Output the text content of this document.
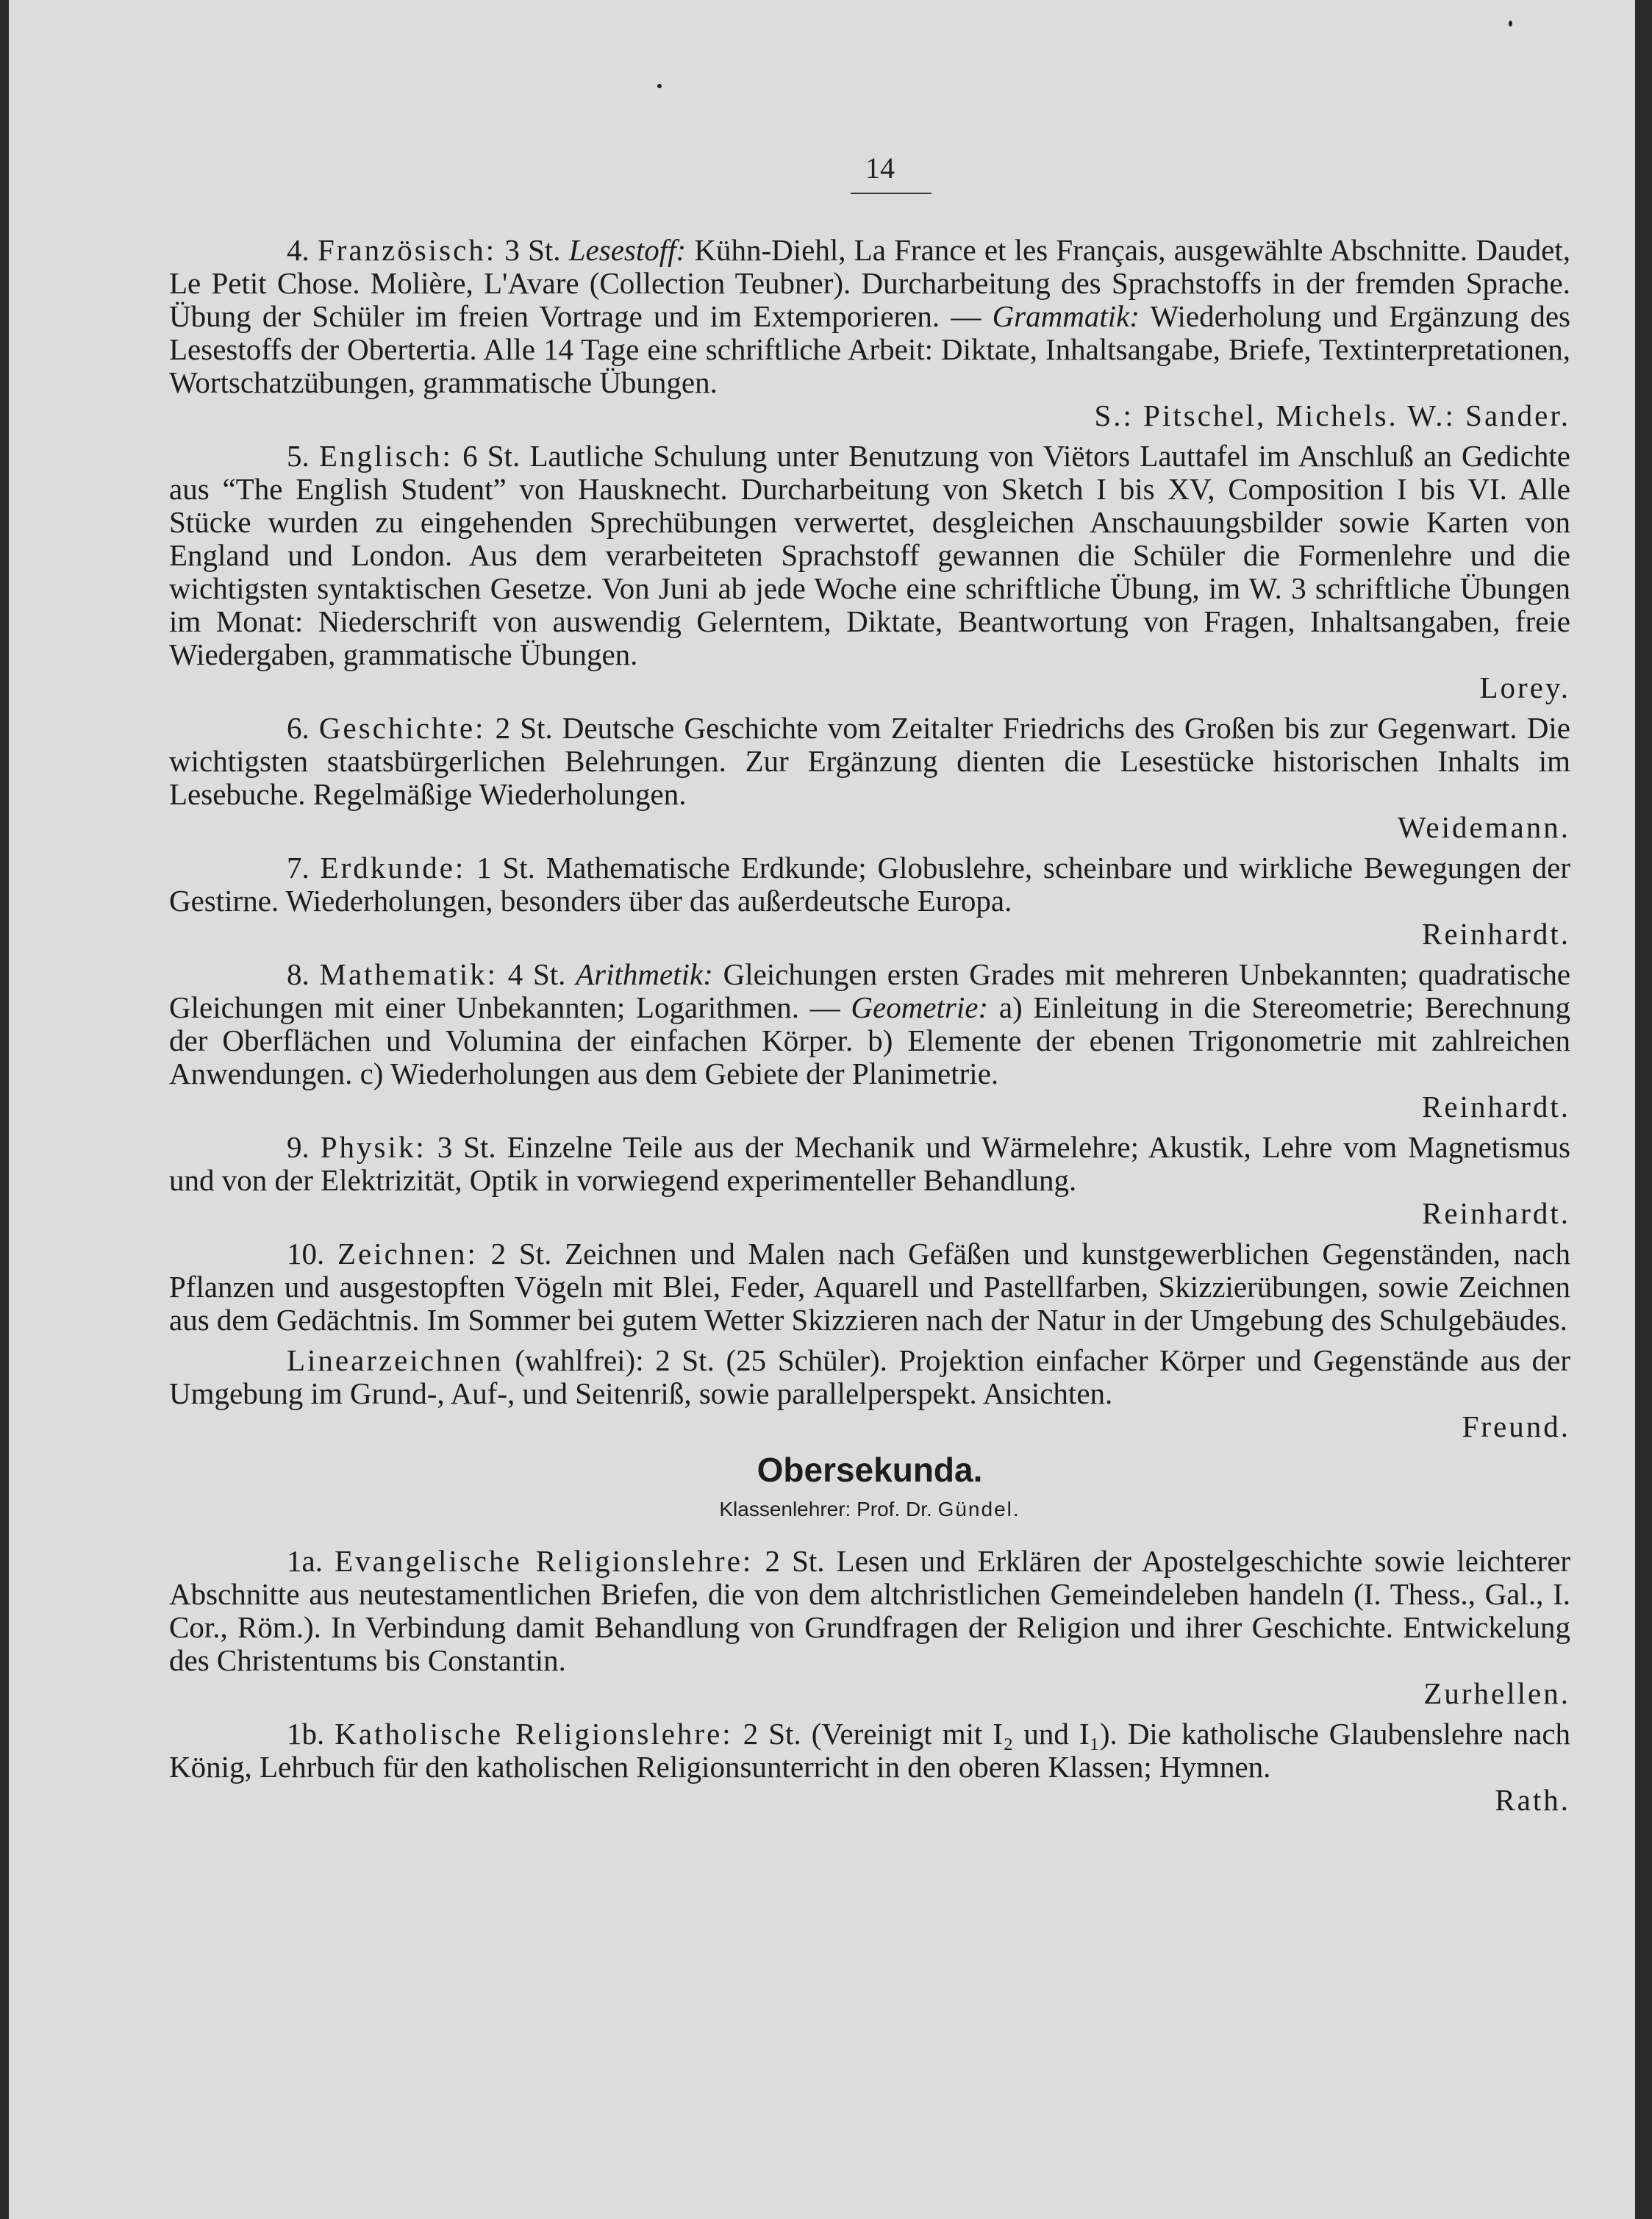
14

4. Französisch: 3 St. Lesestoff: Kühn-Diehl, La France et les Français, ausgewählte Abschnitte. Daudet, Le Petit Chose. Molière, L'Avare (Collection Teubner). Durcharbeitung des Sprachstoffs in der fremden Sprache. Übung der Schüler im freien Vortrage und im Extemporieren. — Grammatik: Wiederholung und Ergänzung des Lesestoffs der Obertertia. Alle 14 Tage eine schriftliche Arbeit: Diktate, Inhaltsangabe, Briefe, Textinterpretationen, Wortschatzübungen, grammatische Übungen.

S.: Pitschel, Michels. W.: Sander.

5. Englisch: 6 St. Lautliche Schulung unter Benutzung von Viëtors Lauttafel im Anschluß an Gedichte aus “The English Student” von Hausknecht. Durcharbeitung von Sketch I bis XV, Composition I bis VI. Alle Stücke wurden zu eingehenden Sprechübungen verwertet, desgleichen Anschauungsbilder sowie Karten von England und London. Aus dem verarbeiteten Sprachstoff gewannen die Schüler die Formenlehre und die wichtigsten syntaktischen Gesetze. Von Juni ab jede Woche eine schriftliche Übung, im W. 3 schriftliche Übungen im Monat: Niederschrift von auswendig Gelerntem, Diktate, Beantwortung von Fragen, Inhaltsangaben, freie Wiedergaben, grammatische Übungen.

Lorey.

6. Geschichte: 2 St. Deutsche Geschichte vom Zeitalter Friedrichs des Großen bis zur Gegenwart. Die wichtigsten staatsbürgerlichen Belehrungen. Zur Ergänzung dienten die Lesestücke historischen Inhalts im Lesebuche. Regelmäßige Wiederholungen.

Weidemann.

7. Erdkunde: 1 St. Mathematische Erdkunde; Globuslehre, scheinbare und wirkliche Bewegungen der Gestirne. Wiederholungen, besonders über das außerdeutsche Europa.

Reinhardt.

8. Mathematik: 4 St. Arithmetik: Gleichungen ersten Grades mit mehreren Unbekannten; quadratische Gleichungen mit einer Unbekannten; Logarithmen. — Geometrie: a) Einleitung in die Stereometrie; Berechnung der Oberflächen und Volumina der einfachen Körper. b) Elemente der ebenen Trigonometrie mit zahlreichen Anwendungen. c) Wiederholungen aus dem Gebiete der Planimetrie.

Reinhardt.

9. Physik: 3 St. Einzelne Teile aus der Mechanik und Wärmelehre; Akustik, Lehre vom Magnetismus und von der Elektrizität, Optik in vorwiegend experimenteller Behandlung.

Reinhardt.

10. Zeichnen: 2 St. Zeichnen und Malen nach Gefäßen und kunstgewerblichen Gegenständen, nach Pflanzen und ausgestopften Vögeln mit Blei, Feder, Aquarell und Pastellfarben, Skizzierübungen, sowie Zeichnen aus dem Gedächtnis. Im Sommer bei gutem Wetter Skizzieren nach der Natur in der Umgebung des Schulgebäudes.

Linearzeichnen (wahlfrei): 2 St. (25 Schüler). Projektion einfacher Körper und Gegenstände aus der Umgebung im Grund-, Auf-, und Seitenriß, sowie parallelperspekt. Ansichten.

Freund.

Obersekunda.
Klassenlehrer: Prof. Dr. Gündel.

1a. Evangelische Religionslehre: 2 St. Lesen und Erklären der Apostelgeschichte sowie leichterer Abschnitte aus neutestamentlichen Briefen, die von dem altchristlichen Gemeindeleben handeln (I. Thess., Gal., I. Cor., Röm.). In Verbindung damit Behandlung von Grundfragen der Religion und ihrer Geschichte. Entwickelung des Christentums bis Constantin.

Zurhellen.

1b. Katholische Religionslehre: 2 St. (Vereinigt mit I₂ und I₁). Die katholische Glaubenslehre nach König, Lehrbuch für den katholischen Religionsunterricht in den oberen Klassen; Hymnen.

Rath.
